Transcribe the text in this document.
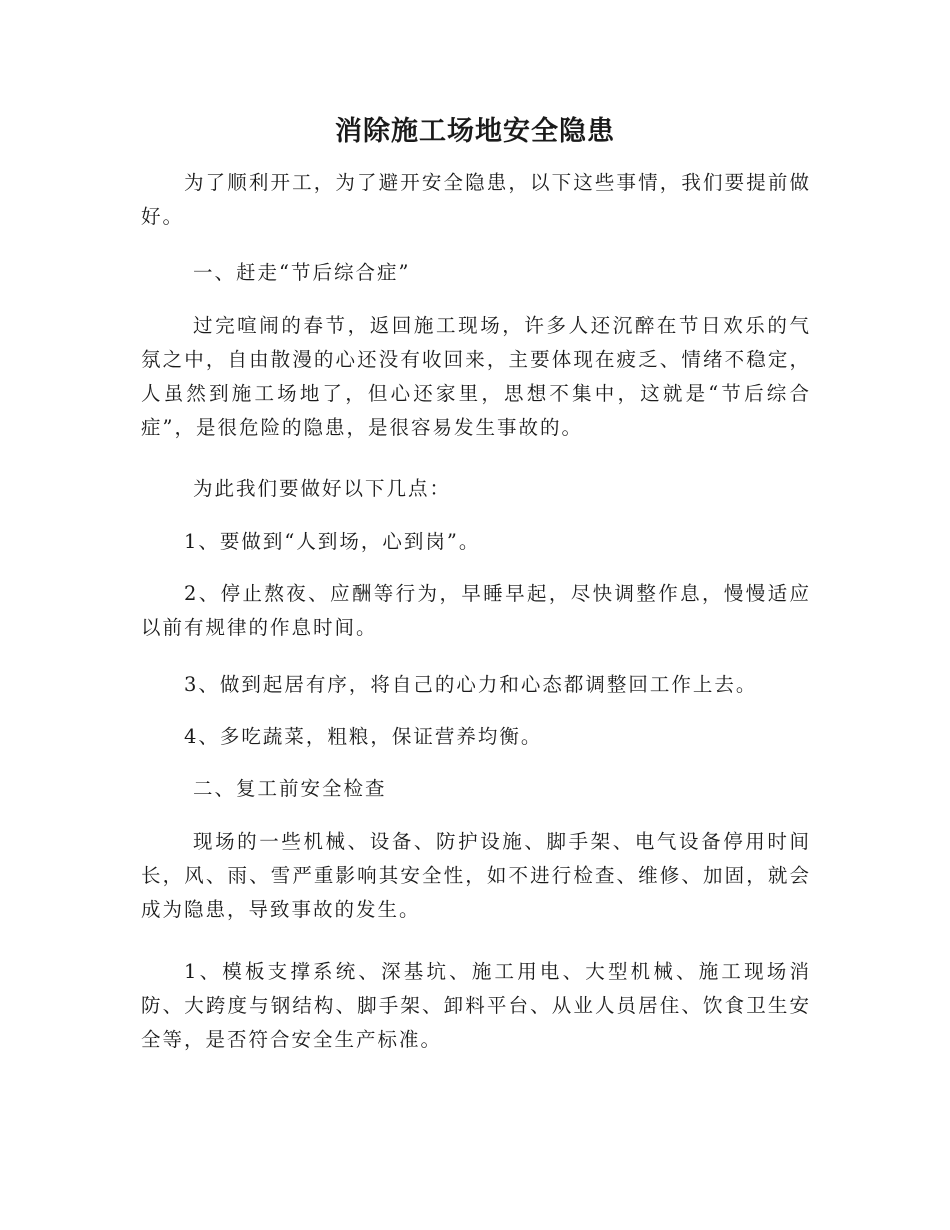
消除施工场地安全隐患

为了顺利开工，为了避开安全隐患，以下这些事情，我们要提前做好。

一、赶走“节后综合症”

过完喧闹的春节，返回施工现场，许多人还沉醉在节日欢乐的气氛之中，自由散漫的心还没有收回来，主要体现在疲乏、情绪不稳定，人虽然到施工场地了，但心还家里，思想不集中，这就是“节后综合症”，是很危险的隐患，是很容易发生事故的。

为此我们要做好以下几点：

1、要做到“人到场，心到岗”。

2、停止熬夜、应酬等行为，早睡早起，尽快调整作息，慢慢适应以前有规律的作息时间。

3、做到起居有序，将自己的心力和心态都调整回工作上去。

4、多吃蔬菜，粗粮，保证营养均衡。

二、复工前安全检查

现场的一些机械、设备、防护设施、脚手架、电气设备停用时间长，风、雨、雪严重影响其安全性，如不进行检查、维修、加固，就会成为隐患，导致事故的发生。

1、模板支撑系统、深基坑、施工用电、大型机械、施工现场消防、大跨度与钢结构、脚手架、卸料平台、从业人员居住、饮食卫生安全等，是否符合安全生产标准。
